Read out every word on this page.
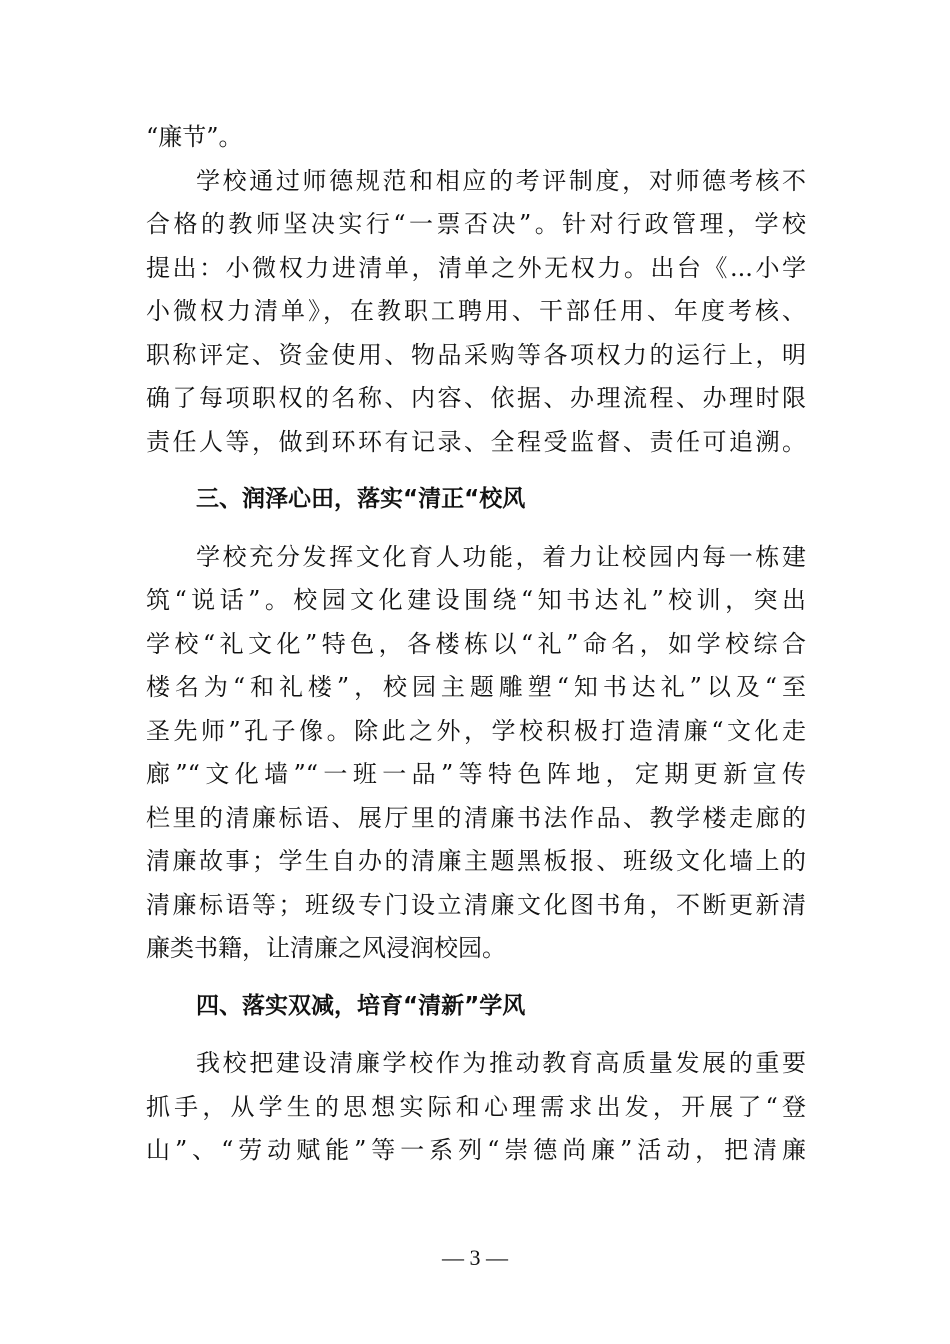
“廉节”。
学校通过师德规范和相应的考评制度，对师德考核不
合格的教师坚决实行“一票否决”。针对行政管理，学校
提出：小微权力进清单，清单之外无权力。出台《...小学
小微权力清单》，在教职工聘用、干部任用、年度考核、
职称评定、资金使用、物品采购等各项权力的运行上，明
确了每项职权的名称、内容、依据、办理流程、办理时限
责任人等，做到环环有记录、全程受监督、责任可追溯。
三、润泽心田，落实“清正“校风
学校充分发挥文化育人功能，着力让校园内每一栋建
筑“说话”。校园文化建设围绕“知书达礼”校训，突出
学校“礼文化”特色，各楼栋以“礼”命名，如学校综合
楼名为“和礼楼”，校园主题雕塑“知书达礼”以及“至
圣先师”孔子像。除此之外，学校积极打造清廉“文化走
廊”“文化墙”“一班一品”等特色阵地，定期更新宣传
栏里的清廉标语、展厅里的清廉书法作品、教学楼走廊的
清廉故事；学生自办的清廉主题黑板报、班级文化墙上的
清廉标语等；班级专门设立清廉文化图书角，不断更新清
廉类书籍，让清廉之风浸润校园。
四、落实双减，培育“清新”学风
我校把建设清廉学校作为推动教育高质量发展的重要
抓手，从学生的思想实际和心理需求出发，开展了“登
山”、“劳动赋能”等一系列“崇德尚廉”活动，把清廉
— 3 —
